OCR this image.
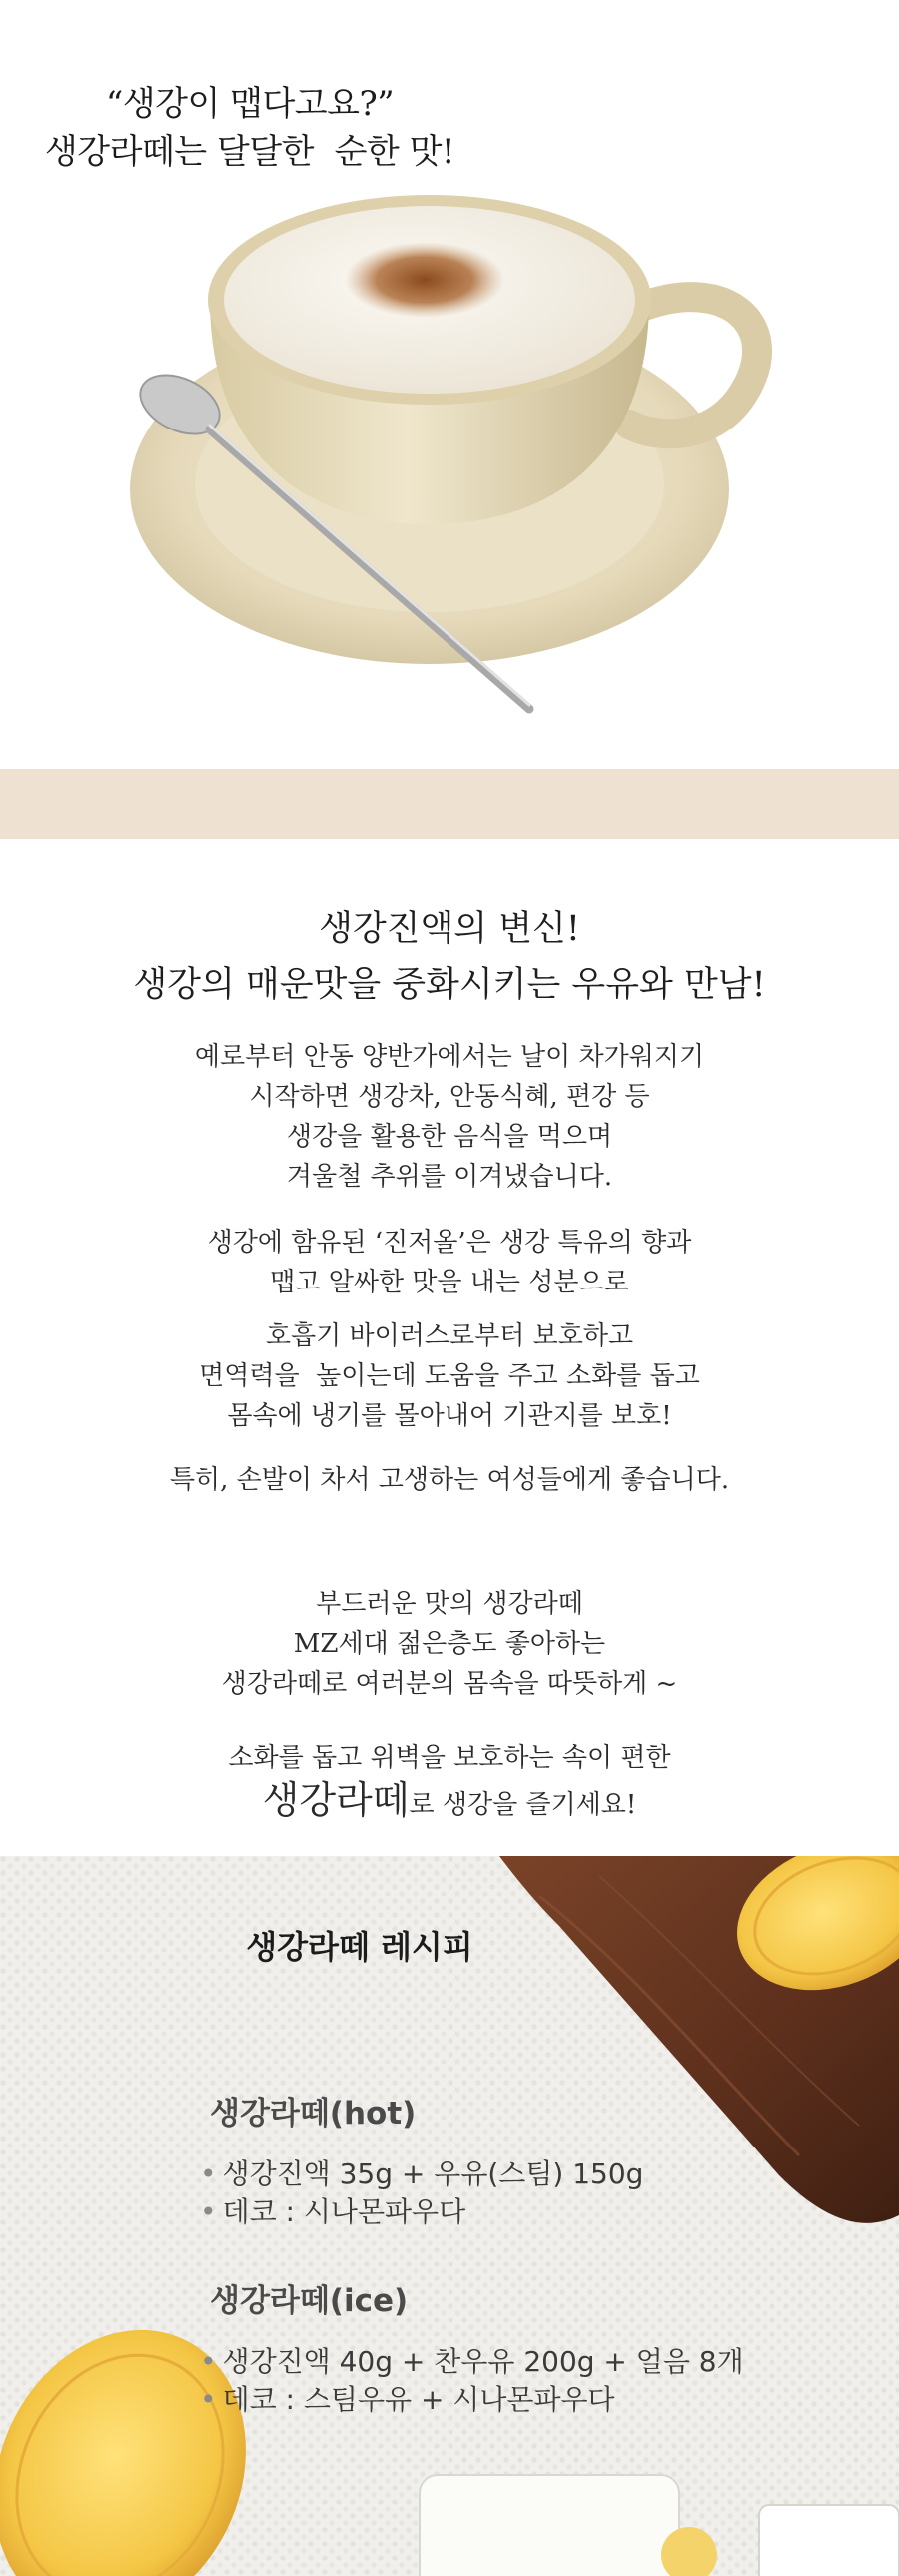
“생강이 맵다고요?”
생강라떼는 달달한  순한 맛!
생강진액의 변신!
생강의 매운맛을 중화시키는 우유와 만남!
예로부터 안동 양반가에서는 날이 차가워지기
시작하면 생강차, 안동식혜, 편강 등
생강을 활용한 음식을 먹으며
겨울철 추위를 이겨냈습니다.
생강에 함유된 ‘진저올’은 생강 특유의 향과
맵고 알싸한 맛을 내는 성분으로
호흡기 바이러스로부터 보호하고
면역력을  높이는데 도움을 주고 소화를 돕고
몸속에 냉기를 몰아내어 기관지를 보호!
특히, 손발이 차서 고생하는 여성들에게 좋습니다.
부드러운 맛의 생강라떼
MZ세대 젊은층도 좋아하는
생강라떼로 여러분의 몸속을 따뜻하게 ~
소화를 돕고 위벽을 보호하는 속이 편한
생강라떼로 생강을 즐기세요!
생강라떼 레시피
생강라떼(hot)
• 생강진액 35g + 우유(스팀) 150g
• 데코 : 시나몬파우다
생강라떼(ice)
• 생강진액 40g + 찬우유 200g + 얼음 8개
• 데코 : 스팀우유 + 시나몬파우다
